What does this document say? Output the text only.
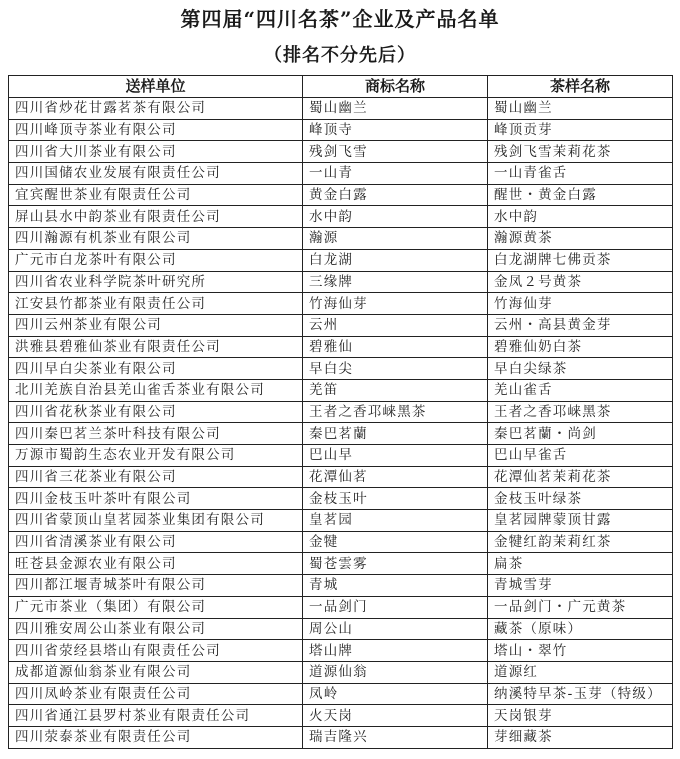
第四届“四川名茶”企业及产品名单
（排名不分先后）
送样单位	商标名称	茶样名称
四川省炒花甘露茗茶有限公司	蜀山幽兰	蜀山幽兰
四川峰顶寺茶业有限公司	峰顶寺	峰顶贡芽
四川省大川茶业有限公司	残剑飞雪	残剑飞雪茉莉花茶
四川国储农业发展有限责任公司	一山青	一山青雀舌
宜宾醒世茶业有限责任公司	黄金白露	醒世・黄金白露
屏山县水中韵茶业有限责任公司	水中韵	水中韵
四川瀚源有机茶业有限公司	瀚源	瀚源黄茶
广元市白龙茶叶有限公司	白龙湖	白龙湖牌七佛贡茶
四川省农业科学院茶叶研究所	三缘牌	金凤２号黄茶
江安县竹都茶业有限责任公司	竹海仙芽	竹海仙芽
四川云州茶业有限公司	云州	云州・高县黄金芽
洪雅县碧雅仙茶业有限责任公司	碧雅仙	碧雅仙奶白茶
四川早白尖茶业有限公司	早白尖	早白尖绿茶
北川羌族自治县羌山雀舌茶业有限公司	羌笛	羌山雀舌
四川省花秋茶业有限公司	王者之香邛崃黑茶	王者之香邛崃黑茶
四川秦巴茗兰茶叶科技有限公司	秦巴茗蘭	秦巴茗蘭・尚剑
万源市蜀韵生态农业开发有限公司	巴山早	巴山早雀舌
四川省三花茶业有限公司	花潭仙茗	花潭仙茗茉莉花茶
四川金枝玉叶茶叶有限公司	金枝玉叶	金枝玉叶绿茶
四川省蒙顶山皇茗园茶业集团有限公司	皇茗园	皇茗园牌蒙顶甘露
四川省清溪茶业有限公司	金犍	金犍红韵茉莉红茶
旺苍县金源农业有限公司	蜀苍雲雾	扁茶
四川都江堰青城茶叶有限公司	青城	青城雪芽
广元市茶业（集团）有限公司	一品剑门	一品剑门・广元黄茶
四川雅安周公山茶业有限公司	周公山	藏茶（原味）
四川省荥经县塔山有限责任公司	塔山牌	塔山・翠竹
成都道源仙翁茶业有限公司	道源仙翁	道源红
四川凤岭茶业有限责任公司	凤岭	纳溪特早茶-玉芽（特级）
四川省通江县罗村茶业有限责任公司	火天岗	天岗银芽
四川荥泰茶业有限责任公司	瑞吉隆兴	芽细藏茶
